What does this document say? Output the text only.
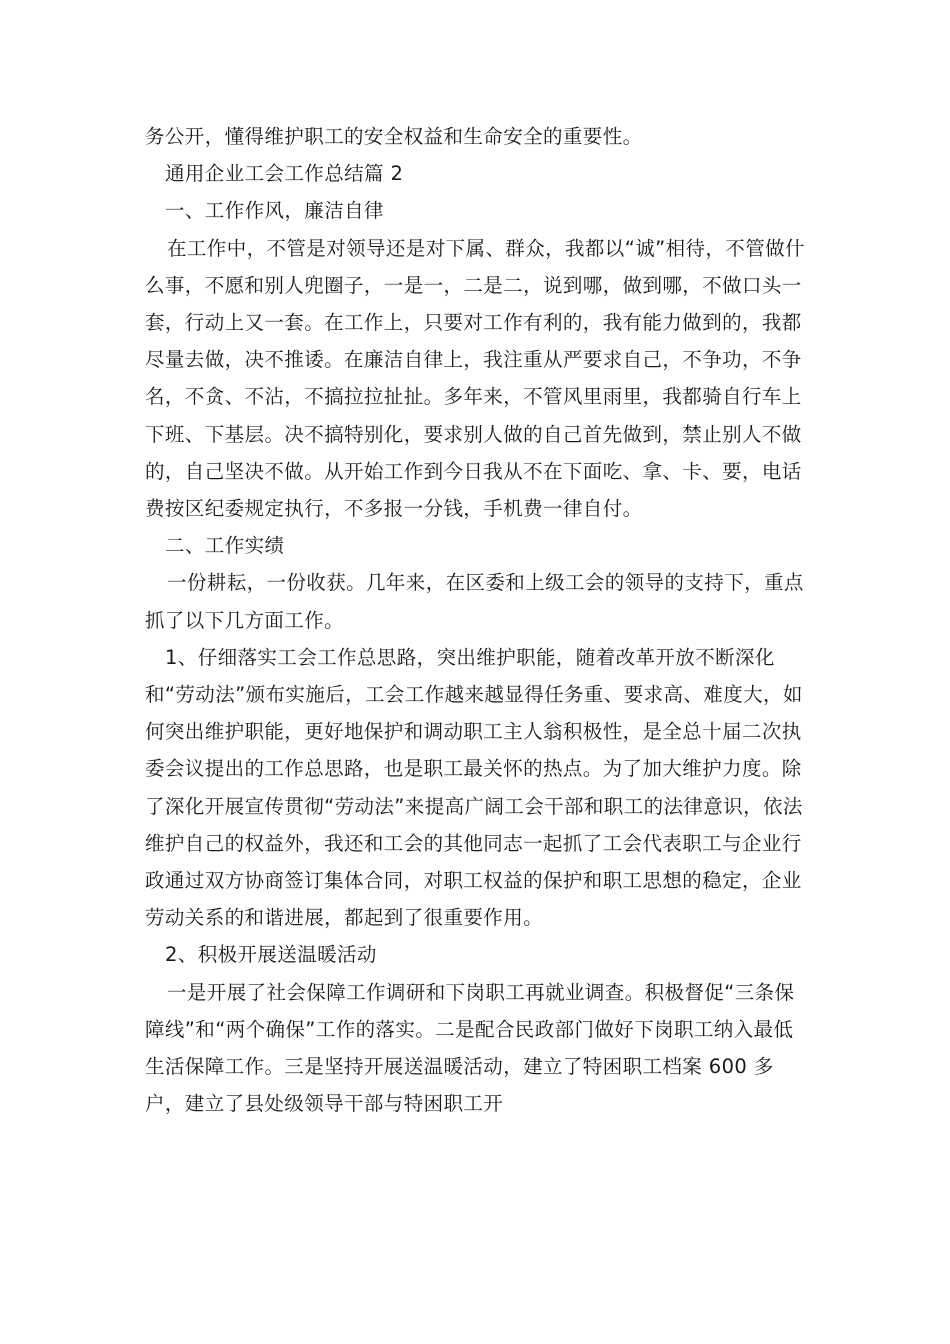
务公开，懂得维护职工的安全权益和生命安全的重要性。

通用企业工会工作总结篇 2

一、工作作风，廉洁自律

在工作中，不管是对领导还是对下属、群众，我都以“诚”相待，不管做什么事，不愿和别人兜圈子，一是一，二是二，说到哪，做到哪，不做口头一套，行动上又一套。在工作上，只要对工作有利的，我有能力做到的，我都尽量去做，决不推诿。在廉洁自律上，我注重从严要求自己，不争功，不争名，不贪、不沾，不搞拉拉扯扯。多年来，不管风里雨里，我都骑自行车上下班、下基层。决不搞特别化，要求别人做的自己首先做到，禁止别人不做的，自己坚决不做。从开始工作到今日我从不在下面吃、拿、卡、要，电话费按区纪委规定执行，不多报一分钱，手机费一律自付。

二、工作实绩

一份耕耘，一份收获。几年来，在区委和上级工会的领导的支持下，重点抓了以下几方面工作。

1、仔细落实工会工作总思路，突出维护职能，随着改革开放不断深化和“劳动法”颁布实施后，工会工作越来越显得任务重、要求高、难度大，如何突出维护职能，更好地保护和调动职工主人翁积极性，是全总十届二次执委会议提出的工作总思路，也是职工最关怀的热点。为了加大维护力度。除了深化开展宣传贯彻“劳动法”来提高广阔工会干部和职工的法律意识，依法维护自己的权益外，我还和工会的其他同志一起抓了工会代表职工与企业行政通过双方协商签订集体合同，对职工权益的保护和职工思想的稳定，企业劳动关系的和谐进展，都起到了很重要作用。

2、积极开展送温暖活动

一是开展了社会保障工作调研和下岗职工再就业调查。积极督促“三条保障线”和“两个确保”工作的落实。二是配合民政部门做好下岗职工纳入最低生活保障工作。三是坚持开展送温暖活动，建立了特困职工档案 600 多户，建立了县处级领导干部与特困职工开
